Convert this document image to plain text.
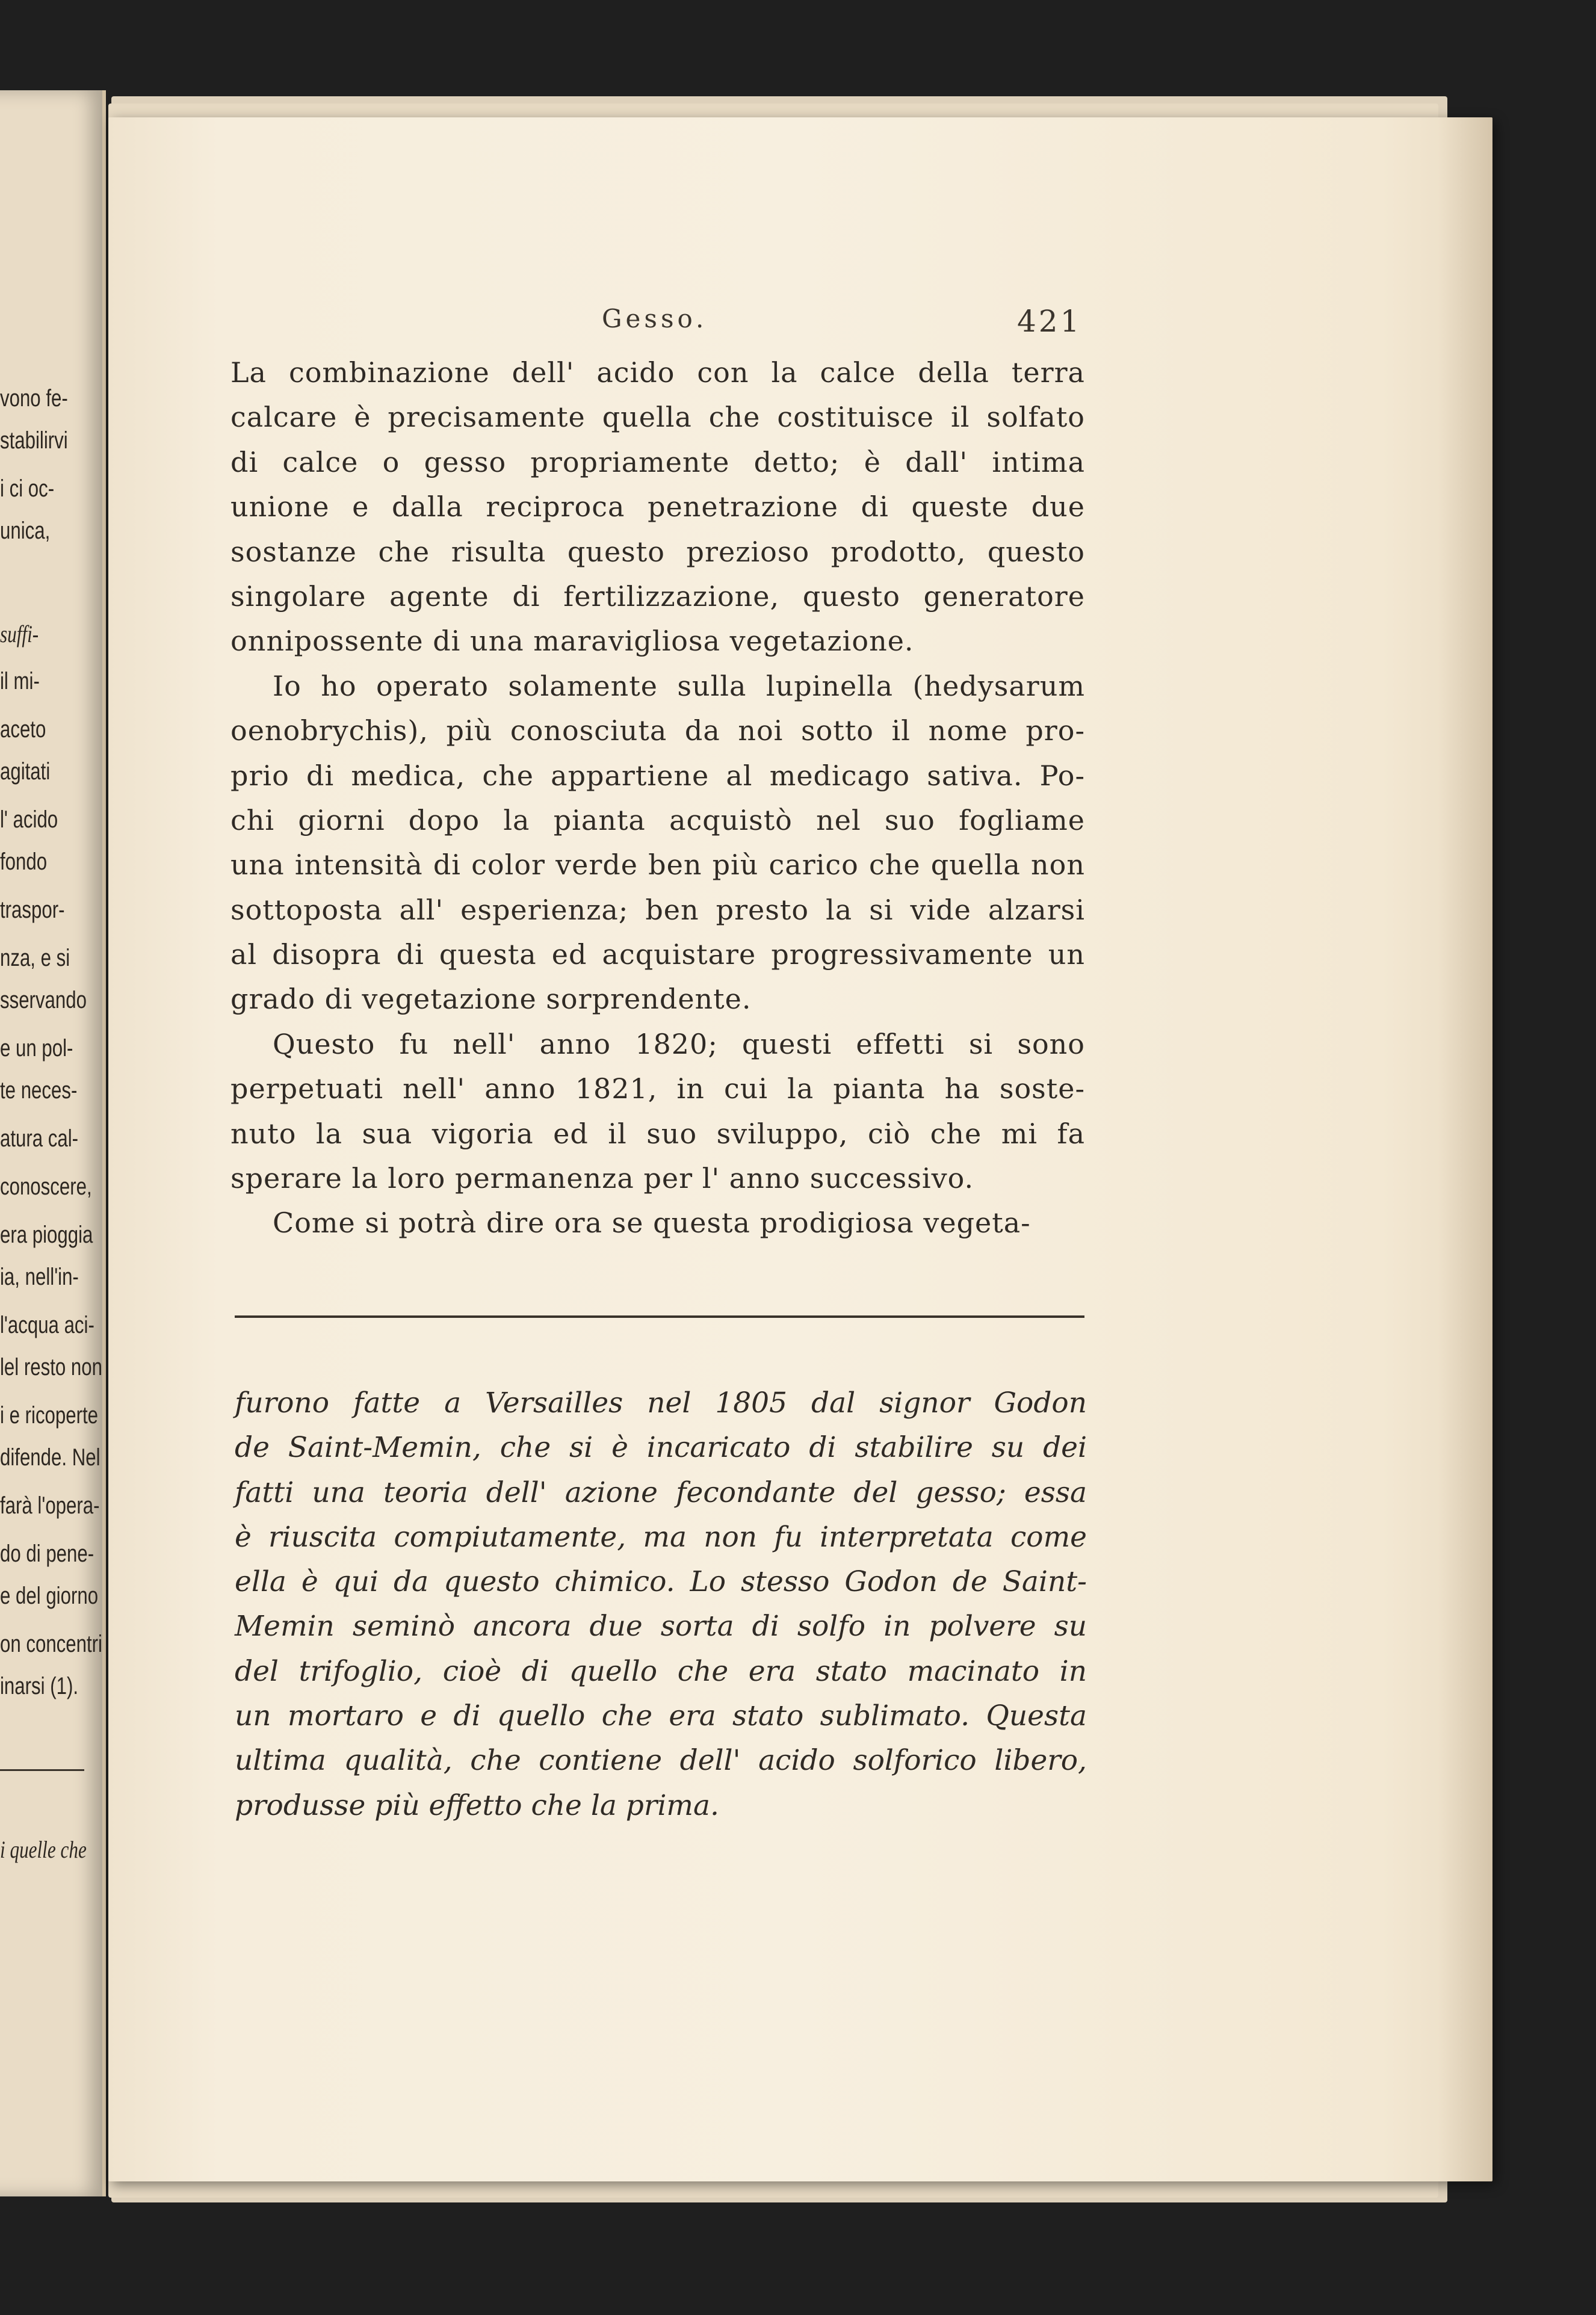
vono fe-
stabilirvi
i ci oc-
unica,
suffi-
il mi-
aceto
agitati
l' acido
fondo
traspor-
nza, e si
sservando
e un pol-
te neces-
atura cal-
conoscere,
era pioggia
ia, nell'in-
l'acqua aci-
lel resto non
i e ricoperte
difende. Nel
farà l'opera-
do di pene-
e del giorno
on concentri
inarsi (1).
i quelle che
Gesso.	421
La combinazione dell' acido con la calce della terra
calcare è precisamente quella che costituisce il solfato
di calce o gesso propriamente detto; è dall' intima
unione e dalla reciproca penetrazione di queste due
sostanze che risulta questo prezioso prodotto, questo
singolare agente di fertilizzazione, questo generatore
onnipossente di una maravigliosa vegetazione.
Io ho operato solamente sulla lupinella (hedysarum
oenobrychis), più conosciuta da noi sotto il nome pro-
prio di medica, che appartiene al medicago sativa. Po-
chi giorni dopo la pianta acquistò nel suo fogliame
una intensità di color verde ben più carico che quella non
sottoposta all' esperienza; ben presto la si vide alzarsi
al disopra di questa ed acquistare progressivamente un
grado di vegetazione sorprendente.
Questo fu nell' anno 1820; questi effetti si sono
perpetuati nell' anno 1821, in cui la pianta ha soste-
nuto la sua vigoria ed il suo sviluppo, ciò che mi fa
sperare la loro permanenza per l' anno successivo.
Come si potrà dire ora se questa prodigiosa vegeta-
furono fatte a Versailles nel 1805 dal signor Godon
de Saint-Memin, che si è incaricato di stabilire su dei
fatti una teoria dell' azione fecondante del gesso; essa
è riuscita compiutamente, ma non fu interpretata come
ella è qui da questo chimico. Lo stesso Godon de Saint-
Memin seminò ancora due sorta di solfo in polvere su
del trifoglio, cioè di quello che era stato macinato in
un mortaro e di quello che era stato sublimato. Questa
ultima qualità, che contiene dell' acido solforico libero,
produsse più effetto che la prima.
